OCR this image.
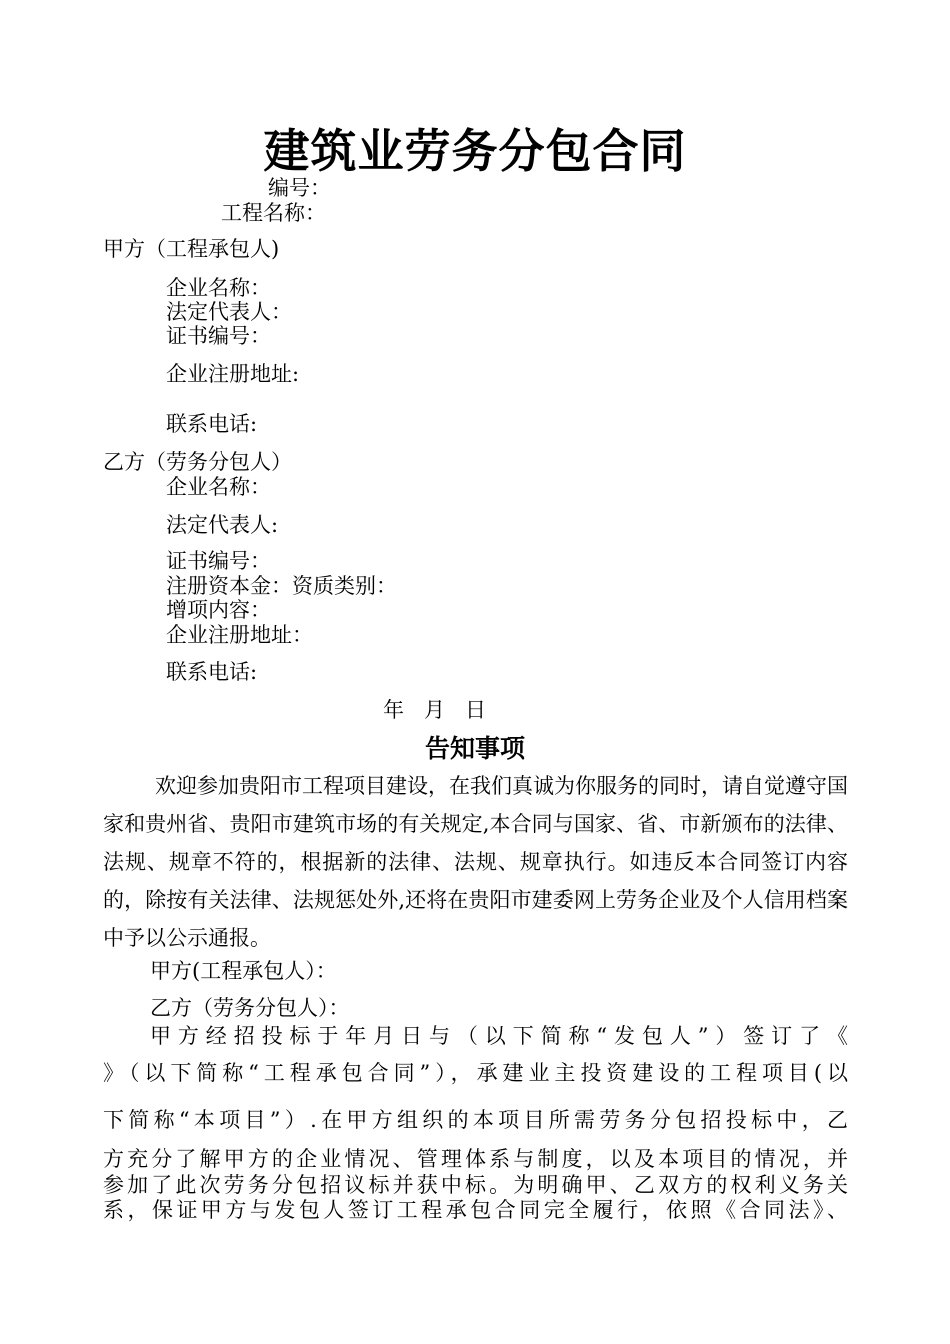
建筑业劳务分包合同
编号：
工程名称：
甲方（工程承包人)
企业名称：
法定代表人：
证书编号：
企业注册地址:
联系电话:
乙方（劳务分包人）
企业名称：
法定代表人:
证书编号：
注册资本金：资质类别：
增项内容：
企业注册地址：
联系电话:
年   月   日
告知事项

欢迎参加贵阳市工程项目建设，在我们真诚为你服务的同时，请自觉遵守国家和贵州省、贵阳市建筑市场的有关规定,本合同与国家、省、市新颁布的法律、法规、规章不符的，根据新的法律、法规、规章执行。如违反本合同签订内容的，除按有关法律、法规惩处外,还将在贵阳市建委网上劳务企业及个人信用档案中予以公示通报。

甲方(工程承包人）：
乙方（劳务分包人）：

甲方经招投标于年月日与（以下简称“发包人”）签订了《

》（以下简称“工程承包合同”），承建业主投资建设的工程项目(以

下简称“本项目”）.在甲方组织的本项目所需劳务分包招投标中，乙

方充分了解甲方的企业情况、管理体系与制度，以及本项目的情况，并

参加了此次劳务分包招议标并获中标。为明确甲、乙双方的权利义务关

系，保证甲方与发包人签订工程承包合同完全履行，依照《合同法》、
